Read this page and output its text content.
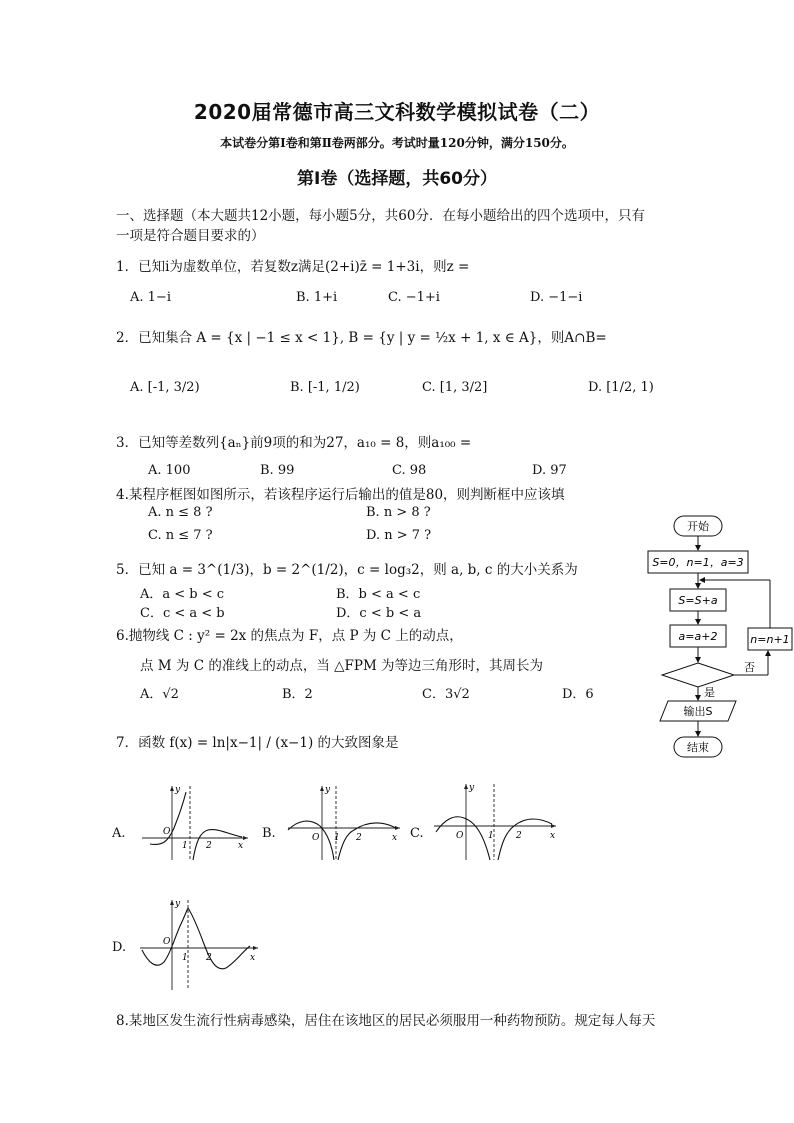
2020届常德市高三文科数学模拟试卷（二）
本试卷分第Ⅰ卷和第Ⅱ卷两部分。考试时量120分钟，满分150分。
第Ⅰ卷（选择题，共60分）
一、选择题（本大题共12小题，每小题5分，共60分．在每小题给出的四个选项中，只有
一项是符合题目要求的）
1．已知i为虚数单位，若复数z满足(2+i)z̄ = 1+3i，则z =
A. 1−i	B. 1+i	C. −1+i	D. −1−i
2．已知集合 A = {x | −1 ≤ x < 1}, B = {y | y = ½x + 1, x ∈ A}，则A∩B=
A. [-1, 3/2)	B. [-1, 1/2)	C. [1, 3/2]	D. [1/2, 1)
3．已知等差数列{aₙ}前9项的和为27，a₁₀ = 8，则a₁₀₀ =
A. 100	B. 99	C. 98	D. 97
4.某程序框图如图所示，若该程序运行后输出的值是80，则判断框中应该填
A. n ≤ 8 ?	B. n > 8 ?
C. n ≤ 7 ?	D. n > 7 ?
5．已知 a = 3^(1/3)，b = 2^(1/2)，c = log₃2，则 a, b, c 的大小关系为
A．a < b < c	B．b < a < c
C．c < a < b	D．c < b < a
6.抛物线 C : y² = 2x 的焦点为 F，点 P 为 C 上的动点，
点 M 为 C 的准线上的动点，当 △FPM 为等边三角形时，其周长为
A．√2	B．2	C．3√2	D．6
7．函数 f(x) = ln|x−1| / (x−1) 的大致图象是
A.	B.	C.
D.
O
1 2	x
y
O 1 2	x
y
O	1 2	x
y
O
1 2	x
y
8.某地区发生流行性病毒感染，居住在该地区的居民必须服用一种药物预防。规定每人每天
开始
S=0，n=1，a=3
S=S+a
a=a+2
否
n=n+1
是
输出S
结束
